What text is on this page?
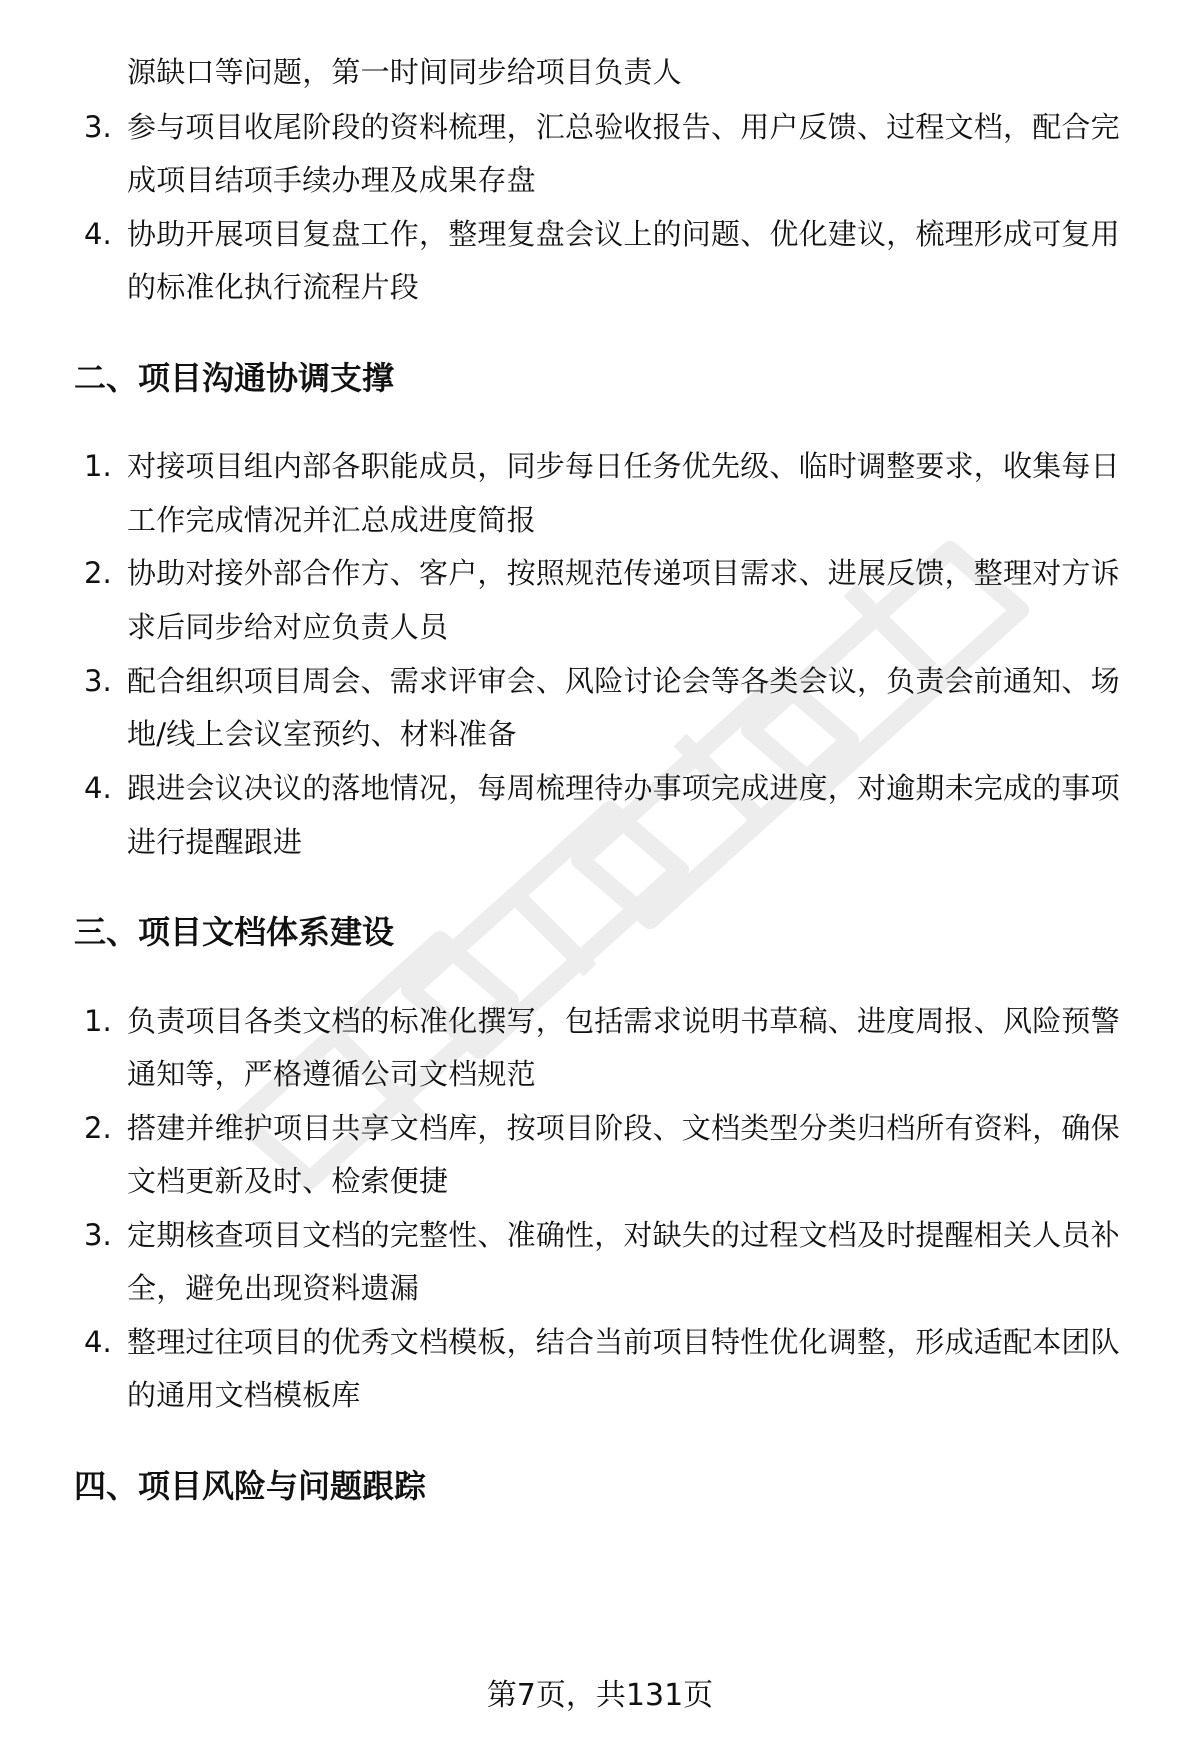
源缺口等问题，第一时间同步给项目负责人
3. 参与项目收尾阶段的资料梳理，汇总验收报告、用户反馈、过程文档，配合完
成项目结项手续办理及成果存盘
4. 协助开展项目复盘工作，整理复盘会议上的问题、优化建议，梳理形成可复用
的标准化执行流程片段
二、项目沟通协调支撑
1. 对接项目组内部各职能成员，同步每日任务优先级、临时调整要求，收集每日
工作完成情况并汇总成进度简报
2. 协助对接外部合作方、客户，按照规范传递项目需求、进展反馈，整理对方诉
求后同步给对应负责人员
3. 配合组织项目周会、需求评审会、风险讨论会等各类会议，负责会前通知、场
地/线上会议室预约、材料准备
4. 跟进会议决议的落地情况，每周梳理待办事项完成进度，对逾期未完成的事项
进行提醒跟进
三、项目文档体系建设
1. 负责项目各类文档的标准化撰写，包括需求说明书草稿、进度周报、风险预警
通知等，严格遵循公司文档规范
2. 搭建并维护项目共享文档库，按项目阶段、文档类型分类归档所有资料，确保
文档更新及时、检索便捷
3. 定期核查项目文档的完整性、准确性，对缺失的过程文档及时提醒相关人员补
全，避免出现资料遗漏
4. 整理过往项目的优秀文档模板，结合当前项目特性优化调整，形成适配本团队
的通用文档模板库
四、项目风险与问题跟踪
第7页，共131页
